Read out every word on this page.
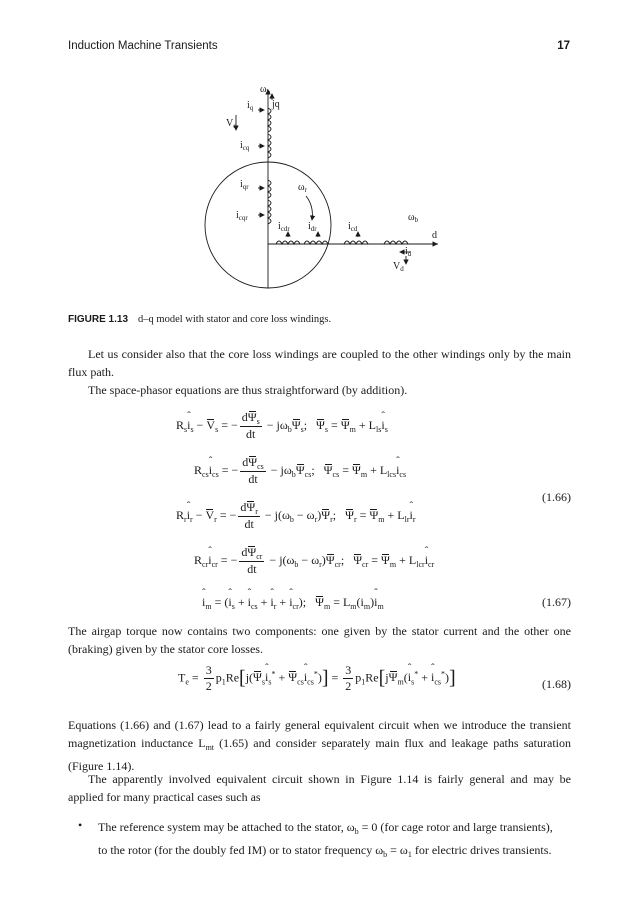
Induction Machine Transients	17
$\omega_b$
$i_q$ jq
$V_q$
$i_{cq}$
$i_{qr}$	$\omega_r$
$i_{cqr}$
$i_{cdr}$ $i_{dr}$	$i_{cd}$
$\omega_b$
d
$i_d$
$V_d$
FIGURE 1.13 d–q model with stator and core loss windings.
Let us consider also that the core loss windings are coupled to the other windings only by the main flux path.
The space-phasor equations are thus straightforward (by addition).
$R_sˆ$ $i_s - V_s$ = − $\frac{d\Psi_s}{dt} - j\omega_b\Psi_s$;   $\Psi_s = \Psi_m$ + $L_{ls}ˆ$ $i_s$
$R_{cs}ˆ$ $i_{cs}$ = − $\frac{d\Psi_{cs}}{dt} - j\omega_b\Psi_{cs}$;   $\Psi_{cs} = \Psi_m$ + $L_{lcs}ˆ$ $i_{cs}$
$R_rˆ$ $i_r - V_r$ = − $\frac{d\Psi_r}{dt} - j(\omega_b - \omega_r)\Psi_r$;   $\Psi_r = \Psi_m$ + $L_{lr}ˆ$ $i_r$
$R_{cr}ˆ$ $i_{cr}$ = − $\frac{d\Psi_{cr}}{dt} - j(\omega_b - \omega_r)\Psi_{cr}$;   $\Psi_{cr} = \Psi_m$ + $L_{lcr}ˆ$ $i_{cr}$
(1.66)
ˆ $i_m$ = (ˆ $i_s$ + ˆ $i_{cs}$ + ˆ $i_r$ + ˆ $i_{cr}$);   $\Psi_m$ = $L_m(i_m)ˆ$ $i_m$	(1.67)
The airgap torque now contains two components: one given by the stator current and the other one (braking) given by the stator core losses.
$T_e = \frac{3}{2}$ $p_1Re[j(\Psi_sˆ$ $i_s^*$ + $\Psi_{cs}ˆ$ $i_{cs}^*)] = \frac{3}{2}$ $p_1Re[j\Psi_m(ˆ$ $i_s^*$ + ˆ $i_{cs}^*$)]	(1.68)
Equations (1.66) and (1.67) lead to a fairly general equivalent circuit when we introduce the transient magnetization inductance $L_{mt}$ (1.65) and consider separately main flux and leakage paths saturation (Figure 1.14).
The apparently involved equivalent circuit shown in Figure 1.14 is fairly general and may be applied for many practical cases such as
• The reference system may be attached to the stator, $\omega_b = 0$ (for cage rotor and large transients), to the rotor (for the doubly fed IM) or to stator frequency $\omega_b = \omega_1$ for electric drives transients.
